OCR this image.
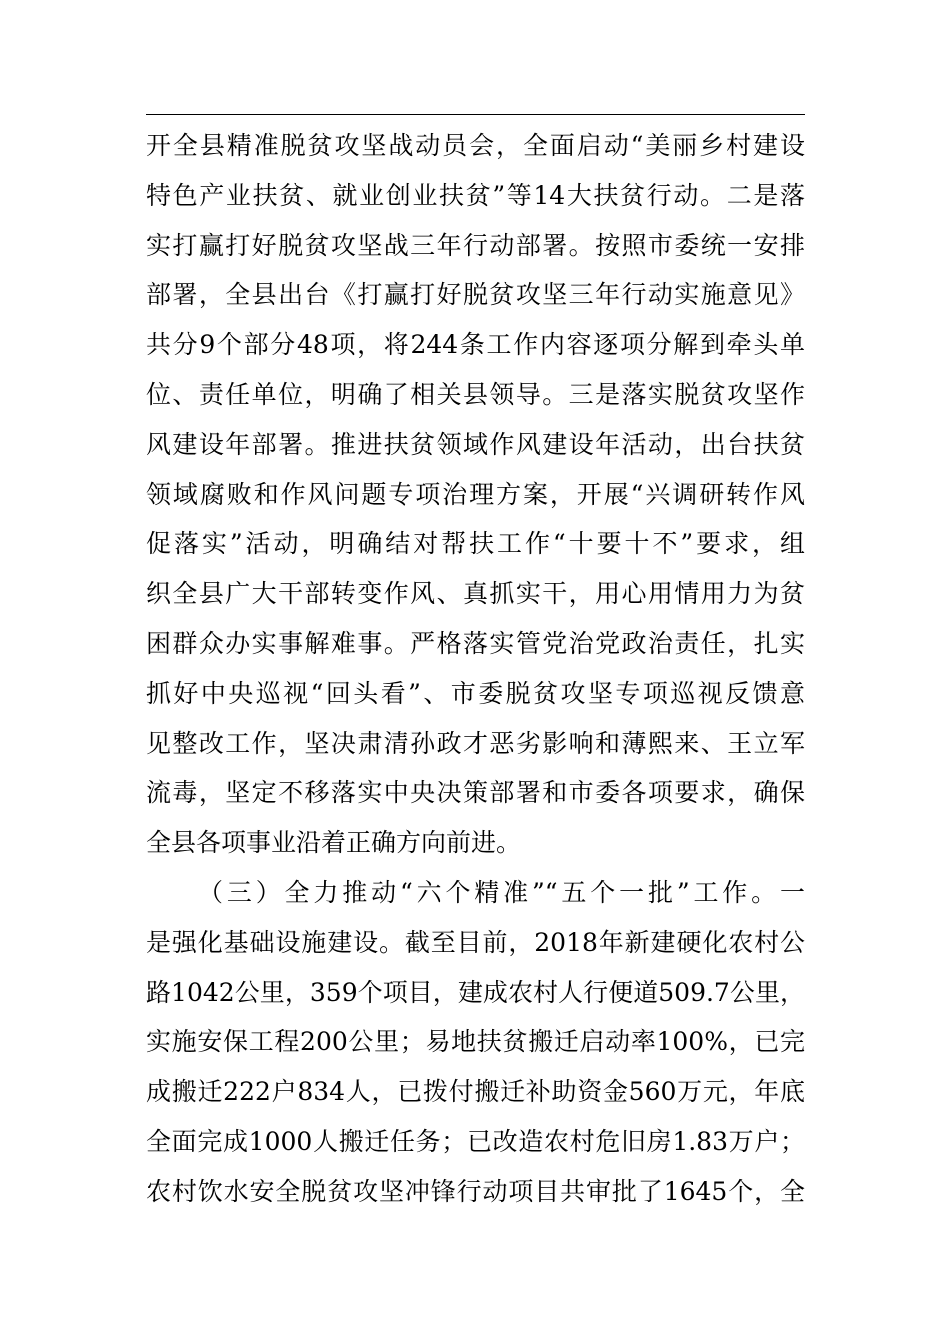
开全县精准脱贫攻坚战动员会，全面启动“美丽乡村建设
特色产业扶贫、就业创业扶贫”等14大扶贫行动。二是落
实打赢打好脱贫攻坚战三年行动部署。按照市委统一安排
部署，全县出台《打赢打好脱贫攻坚三年行动实施意见》
共分9个部分48项，将244条工作内容逐项分解到牵头单
位、责任单位，明确了相关县领导。三是落实脱贫攻坚作
风建设年部署。推进扶贫领域作风建设年活动，出台扶贫
领域腐败和作风问题专项治理方案，开展“兴调研转作风
促落实”活动，明确结对帮扶工作“十要十不”要求，组
织全县广大干部转变作风、真抓实干，用心用情用力为贫
困群众办实事解难事。严格落实管党治党政治责任，扎实
抓好中央巡视“回头看”、市委脱贫攻坚专项巡视反馈意
见整改工作，坚决肃清孙政才恶劣影响和薄熙来、王立军
流毒，坚定不移落实中央决策部署和市委各项要求，确保
全县各项事业沿着正确方向前进。
（三）全力推动“六个精准”“五个一批”工作。一
是强化基础设施建设。截至目前，2018年新建硬化农村公
路1042公里，359个项目，建成农村人行便道509.7公里，
实施安保工程200公里；易地扶贫搬迁启动率100%，已完
成搬迁222户834人，已拨付搬迁补助资金560万元，年底
全面完成1000人搬迁任务；已改造农村危旧房1.83万户；
农村饮水安全脱贫攻坚冲锋行动项目共审批了1645个，全
